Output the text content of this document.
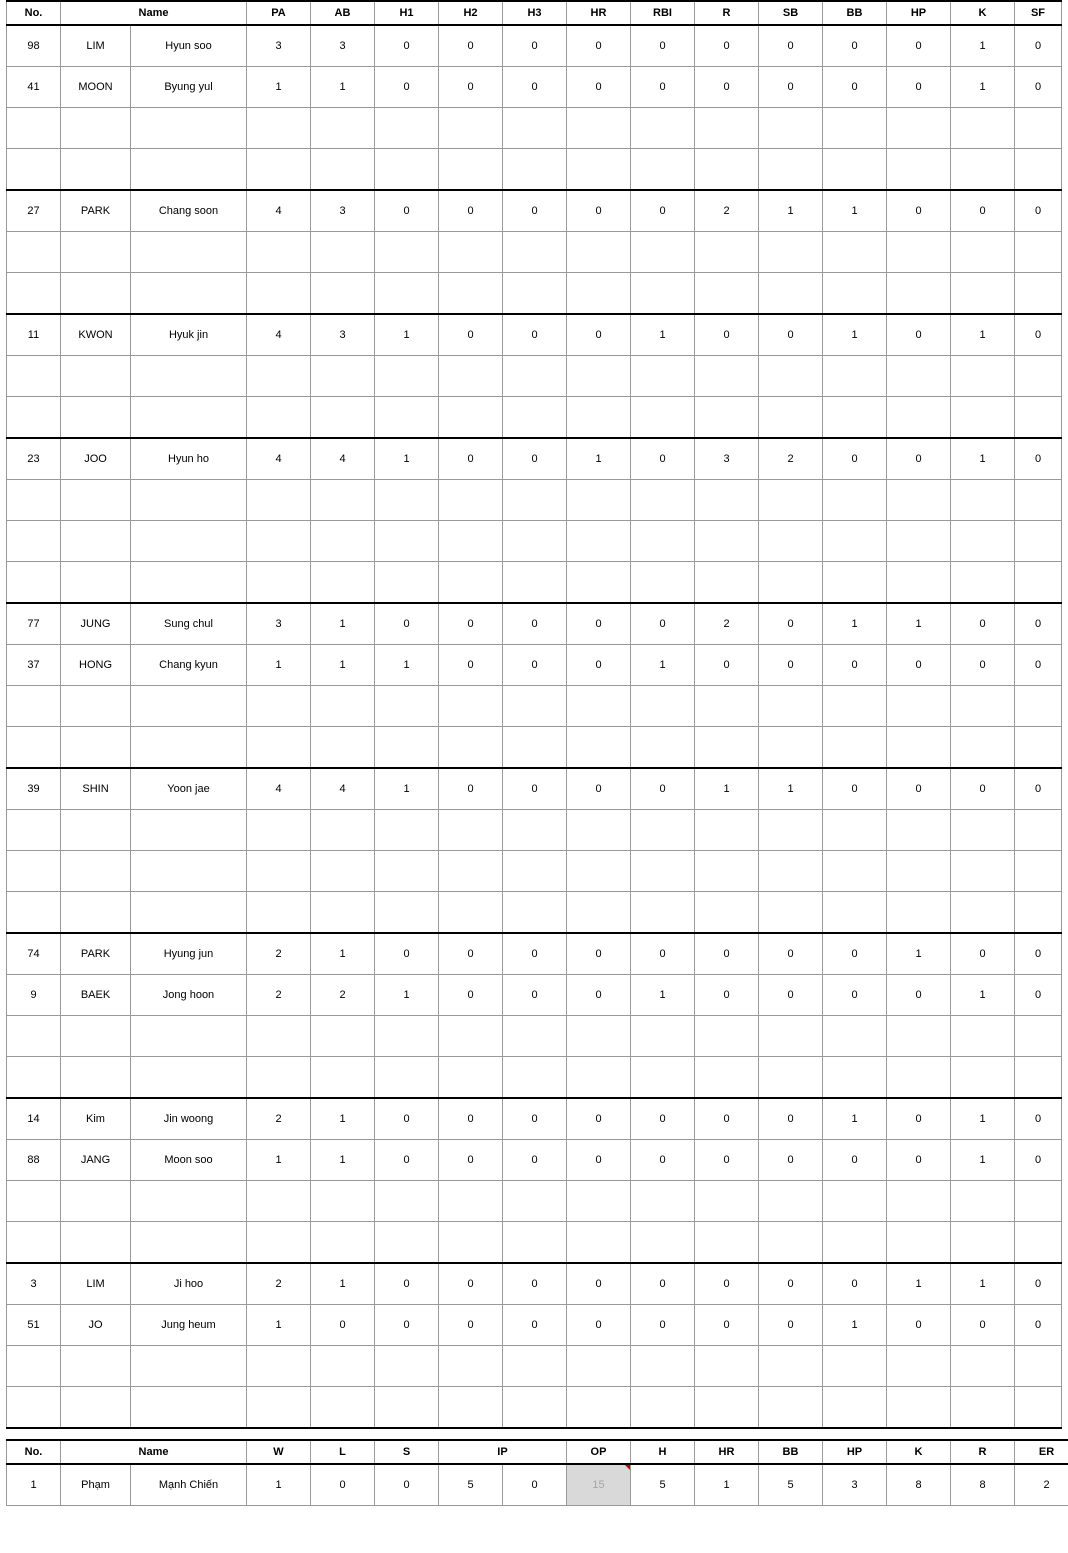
No.	Name		PA	AB	H1	H2	H3	HR	RBI	R	SB	BB	HP	K	SF
98	LIM	Hyun soo	3	3	0	0	0	0	0	0	0	0	0	1	0
41	MOON	Byung yul	1	1	0	0	0	0	0	0	0	0	0	1	0

27	PARK	Chang soon	4	3	0	0	0	0	0	2	1	1	0	0	0

11	KWON	Hyuk jin	4	3	1	0	0	0	1	0	0	1	0	1	0

23	JOO	Hyun ho	4	4	1	0	0	1	0	3	2	0	0	1	0

77	JUNG	Sung chul	3	1	0	0	0	0	0	2	0	1	1	0	0
37	HONG	Chang kyun	1	1	1	0	0	0	1	0	0	0	0	0	0

39	SHIN	Yoon jae	4	4	1	0	0	0	0	1	1	0	0	0	0

74	PARK	Hyung jun	2	1	0	0	0	0	0	0	0	0	1	0	0
9	BAEK	Jong hoon	2	2	1	0	0	0	1	0	0	0	0	1	0

14	Kim	Jin woong	2	1	0	0	0	0	0	0	0	1	0	1	0
88	JANG	Moon soo	1	1	0	0	0	0	0	0	0	0	0	1	0

3	LIM	Ji hoo	2	1	0	0	0	0	0	0	0	0	1	1	0
51	JO	Jung heum	1	0	0	0	0	0	0	0	0	1	0	0	0

No.	Name		W	L	S	IP		OP	H	HR	BB	HP	K	R	ER
1	Phạm	Mạnh Chiến	1	0	0	5	0	15	5	1	5	3	8	8	2
